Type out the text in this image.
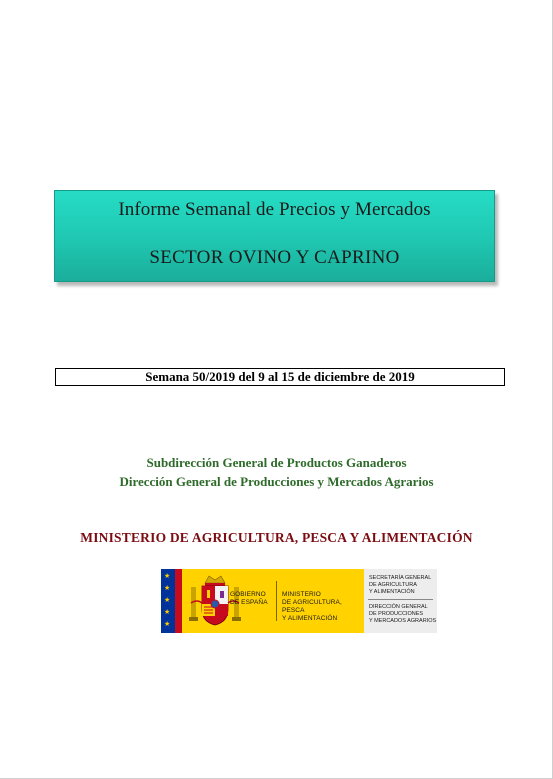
Informe Semanal de Precios y Mercados
SECTOR OVINO Y CAPRINO
Semana 50/2019 del 9 al 15 de diciembre de 2019
Subdirección General de Productos Ganaderos
Dirección General de Producciones y Mercados Agrarios
MINISTERIO DE AGRICULTURA, PESCA Y ALIMENTACIÓN
★
★
★
★
★
GOBIERNO
DE ESPAÑA
MINISTERIO
DE AGRICULTURA, PESCA
Y ALIMENTACIÓN
SECRETARÍA GENERAL
DE AGRICULTURA
Y ALIMENTACIÓN
DIRECCIÓN GENERAL
DE PRODUCCIONES
Y MERCADOS AGRARIOS
